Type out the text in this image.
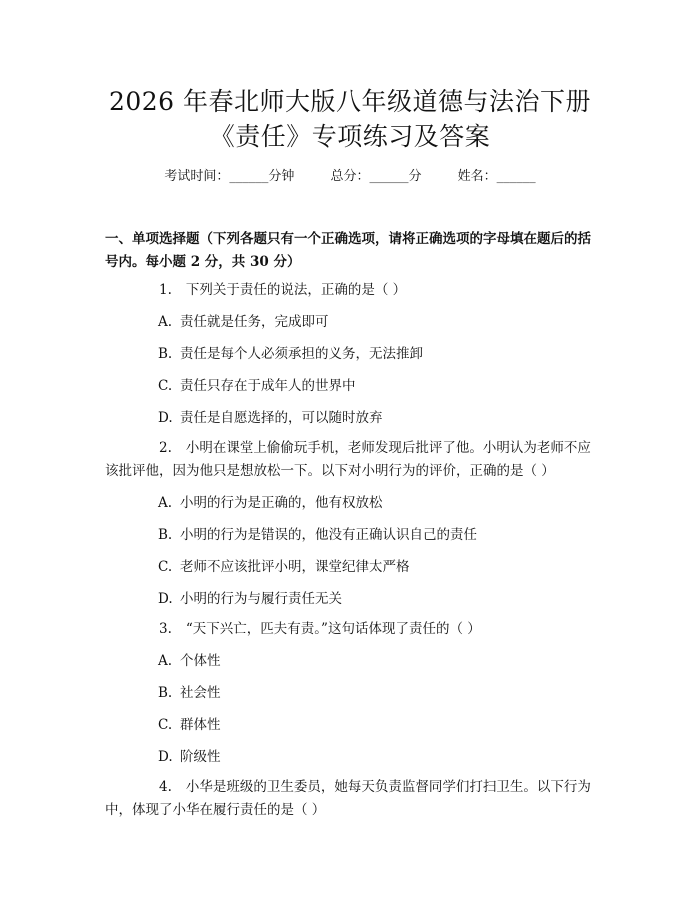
2026 年春北师大版八年级道德与法治下册
《责任》专项练习及答案
考试时间：______分钟	总分：______分	姓名：______
一、单项选择题（下列各题只有一个正确选项，请将正确选项的字母填在题后的括号内。每小题 2 分，共 30 分）
1. 下列关于责任的说法，正确的是（ ）
A. 责任就是任务，完成即可
B. 责任是每个人必须承担的义务，无法推卸
C. 责任只存在于成年人的世界中
D. 责任是自愿选择的，可以随时放弃
2. 小明在课堂上偷偷玩手机，老师发现后批评了他。小明认为老师不应该批评他，因为他只是想放松一下。以下对小明行为的评价，正确的是（ ）
A. 小明的行为是正确的，他有权放松
B. 小明的行为是错误的，他没有正确认识自己的责任
C. 老师不应该批评小明，课堂纪律太严格
D. 小明的行为与履行责任无关
3. “天下兴亡，匹夫有责。”这句话体现了责任的（ ）
A. 个体性
B. 社会性
C. 群体性
D. 阶级性
4. 小华是班级的卫生委员，她每天负责监督同学们打扫卫生。以下行为中，体现了小华在履行责任的是（ ）
